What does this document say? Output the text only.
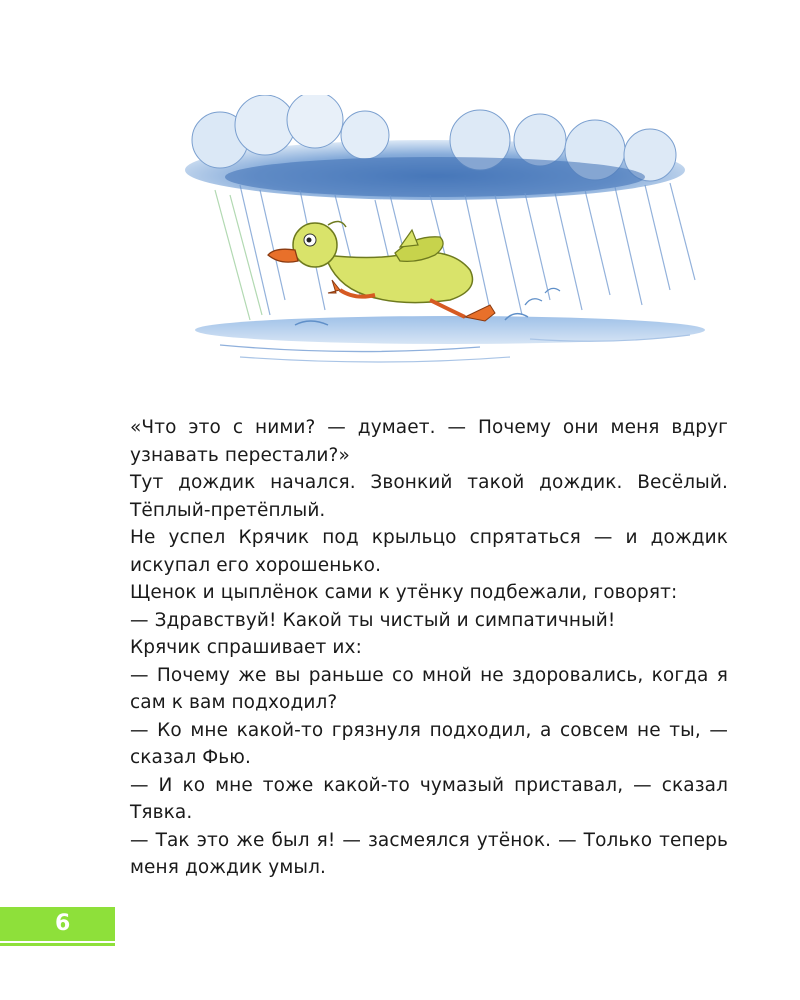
«Что это с ними? — думает. — Почему они меня вдруг узнавать перестали?»

Тут дождик начался. Звонкий такой дождик. Весёлый. Тёплый-претёплый.

Не успел Крячик под крыльцо спрятаться — и дождик искупал его хорошенько.

Щенок и цыплёнок сами к утёнку подбежали, говорят:

— Здравствуй! Какой ты чистый и симпатичный!

Крячик спрашивает их:

— Почему же вы раньше со мной не здоровались, когда я сам к вам подходил?

— Ко мне какой-то грязнуля подходил, а совсем не ты, — сказал Фью.

— И ко мне тоже какой-то чумазый приставал, — сказал Тявка.

— Так это же был я! — засмеялся утёнок. — Только теперь меня дождик умыл.

6
